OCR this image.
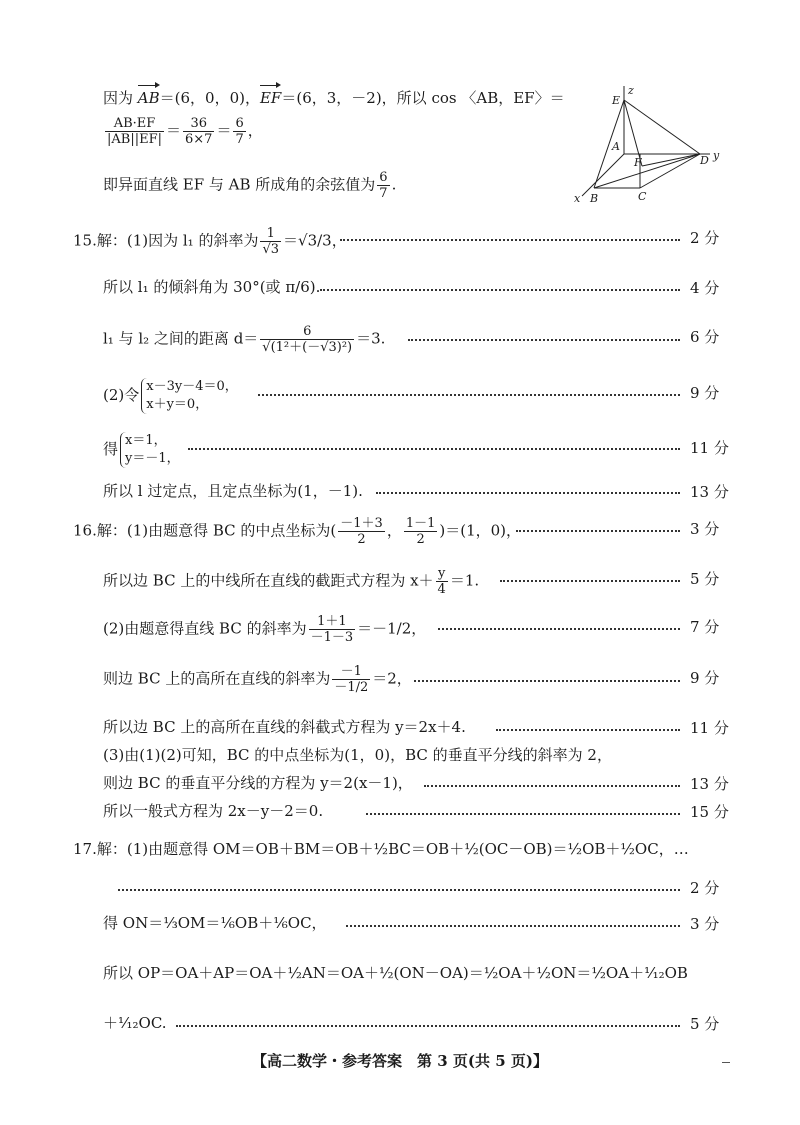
因为 AB＝(6，0，0)，EF＝(6，3，－2)，所以 cos 〈AB，EF〉＝
$\frac{AB\cdot EF}{|AB||EF|} = \frac{36}{6\times 7} = \frac{6}{7}$ ，
即异面直线 EF 与 AB 所成角的余弦值为 $\frac{6}{7}$ .
z
E
A
F	D y
x B	C
15.解：(1)因为 l₁ 的斜率为 $\frac{1}{√3} =√3/3$，	2 分
所以 l₁ 的倾斜角为 30°(或 π/6).	4 分
l₁ 与 l₂ 之间的距离 $d= \frac{6}{\text{√(1²＋(－√3)²)}} =3$.	6 分
(2)令 x－3y－4＝0，
x＋y＝0，
9 分
得 x＝1，
y＝－1，
11 分
所以 l 过定点，且定点坐标为(1，－1).	13 分
16.解：(1)由题意得 BC 的中点坐标为( $\frac{-1+3}{2}$ ， $\frac{1-1}{2} )=(1$，0)，	3 分
所以边 BC 上的中线所在直线的截距式方程为 $x+ \frac{y}{4} =1$.	5 分
(2)由题意得直线 BC 的斜率为 $\frac{1+1}{-1-3} =-1/2$，	7 分
则边 BC 上的高所在直线的斜率为 $\frac{-1}{-1/2} =2$，	9 分
所以边 BC 上的高所在直线的斜截式方程为 y＝2x＋4.	11 分
(3)由(1)(2)可知，BC 的中点坐标为(1，0)，BC 的垂直平分线的斜率为 2，
则边 BC 的垂直平分线的方程为 y＝2(x－1)，	13 分
所以一般式方程为 2x－y－2＝0.	15 分
17.解：(1)由题意得 OM＝OB＋BM＝OB＋½BC＝OB＋½(OC－OB)＝½OB＋½OC，…
2 分
得 ON＝⅓OM＝⅙OB＋⅙OC，	3 分
所以 OP＝OA＋AP＝OA＋½AN＝OA＋½(ON－OA)＝½OA＋½ON＝½OA＋¹⁄₁₂OB
＋¹⁄₁₂OC.	5 分
【高二数学・参考答案　第 3 页(共 5 页)】
